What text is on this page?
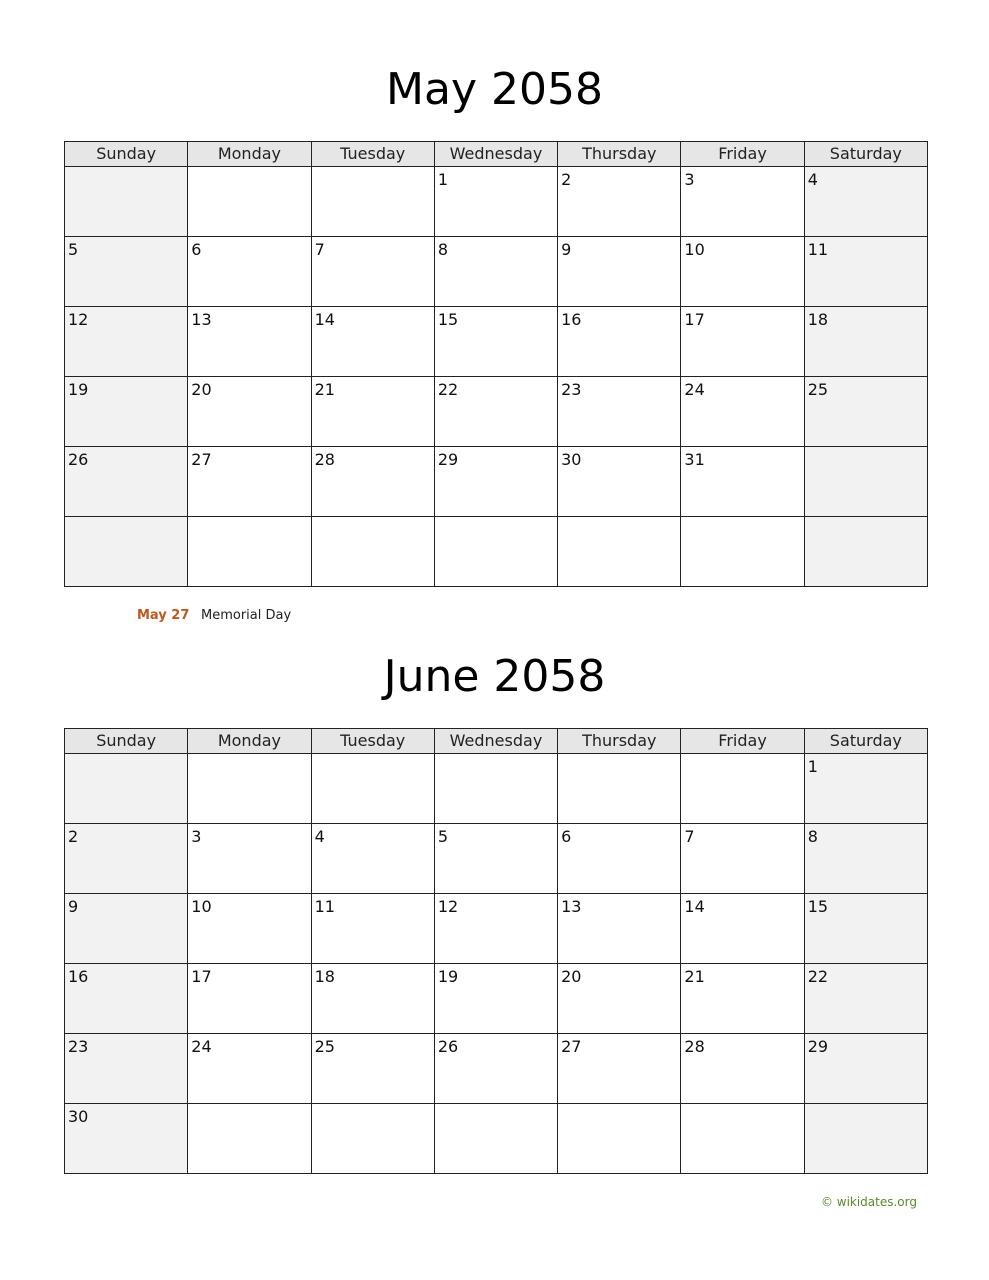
May 2058
Sunday	Monday	Tuesday	Wednesday	Thursday	Friday	Saturday

			1	2	3	4

5	6	7	8	9	10	11

12	13	14	15	16	17	18

19	20	21	22	23	24	25

26	27	28	29	30	31	

May 27 Memorial Day
June 2058
Sunday	Monday	Tuesday	Wednesday	Thursday	Friday	Saturday

						1

2	3	4	5	6	7	8

9	10	11	12	13	14	15

16	17	18	19	20	21	22

23	24	25	26	27	28	29

30						

© wikidates.org
